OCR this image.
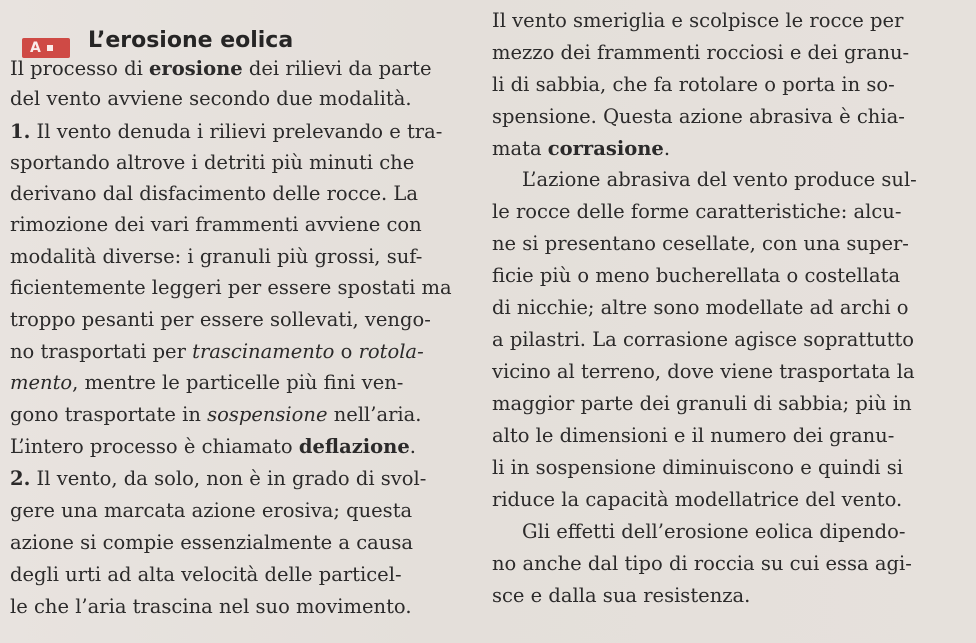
A L’erosione eolica
Il processo di erosione dei rilievi da parte
del vento avviene secondo due modalità.
1. Il vento denuda i rilievi prelevando e tra-
sportando altrove i detriti più minuti che
derivano dal disfacimento delle rocce. La
rimozione dei vari frammenti avviene con
modalità diverse: i granuli più grossi, suf-
ficientemente leggeri per essere spostati ma
troppo pesanti per essere sollevati, vengo-
no trasportati per trascinamento o rotola-
mento, mentre le particelle più fini ven-
gono trasportate in sospensione nell’aria.
L’intero processo è chiamato deflazione.
2. Il vento, da solo, non è in grado di svol-
gere una marcata azione erosiva; questa
azione si compie essenzialmente a causa
degli urti ad alta velocità delle particel-
le che l’aria trascina nel suo movimento.
Il vento smeriglia e scolpisce le rocce per
mezzo dei frammenti rocciosi e dei granu-
li di sabbia, che fa rotolare o porta in so-
spensione. Questa azione abrasiva è chia-
mata corrasione.
L’azione abrasiva del vento produce sul-
le rocce delle forme caratteristiche: alcu-
ne si presentano cesellate, con una super-
ficie più o meno bucherellata o costellata
di nicchie; altre sono modellate ad archi o
a pilastri. La corrasione agisce soprattutto
vicino al terreno, dove viene trasportata la
maggior parte dei granuli di sabbia; più in
alto le dimensioni e il numero dei granu-
li in sospensione diminuiscono e quindi si
riduce la capacità modellatrice del vento.
Gli effetti dell’erosione eolica dipendo-
no anche dal tipo di roccia su cui essa agi-
sce e dalla sua resistenza.
